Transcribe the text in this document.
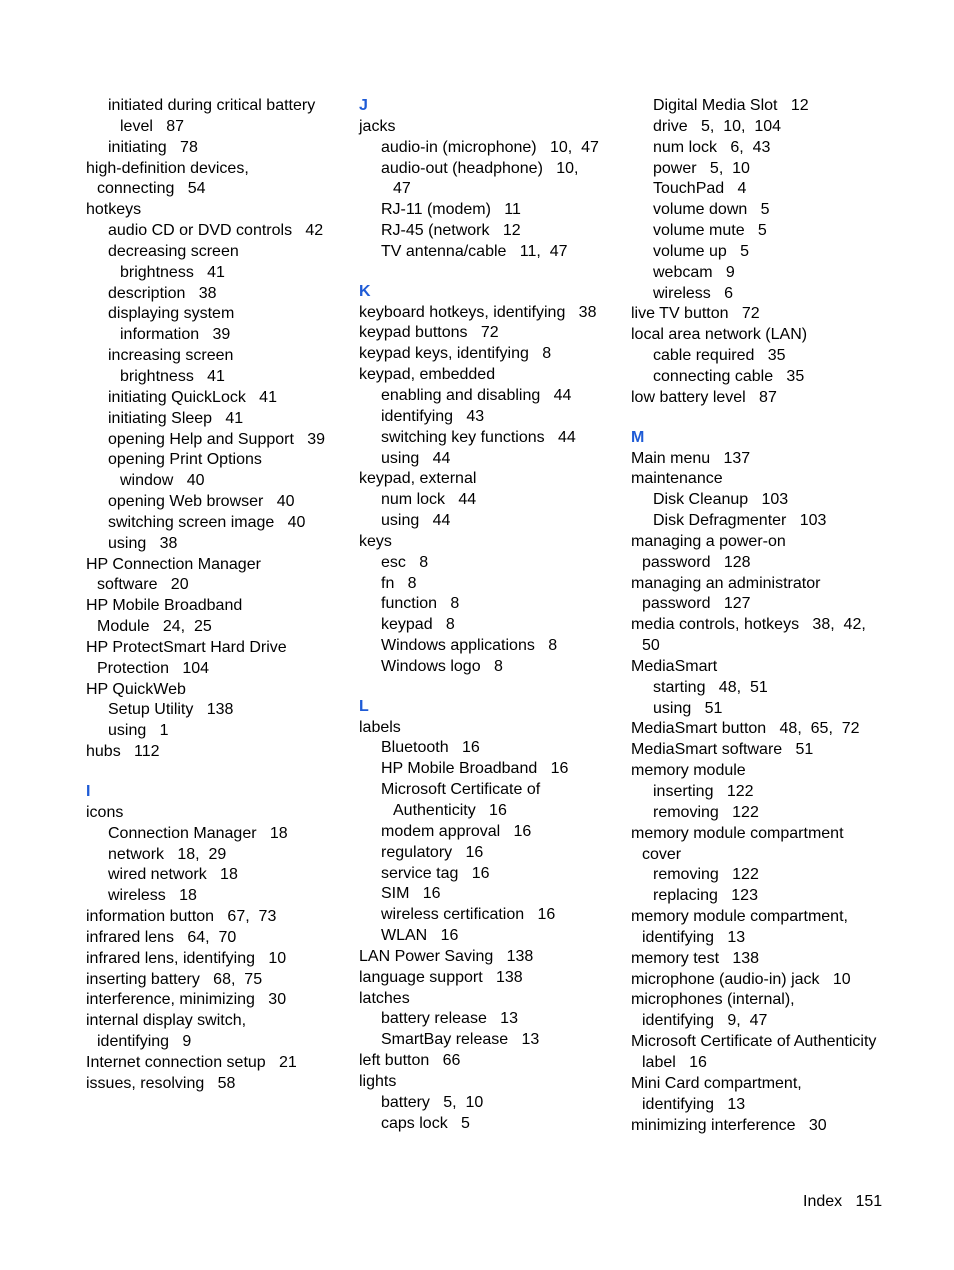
initiated during critical battery
level   87
initiating   78
high-definition devices,
connecting   54
hotkeys
audio CD or DVD controls   42
decreasing screen
brightness   41
description   38
displaying system
information   39
increasing screen
brightness   41
initiating QuickLock   41
initiating Sleep   41
opening Help and Support   39
opening Print Options
window   40
opening Web browser   40
switching screen image   40
using   38
HP Connection Manager
software   20
HP Mobile Broadband
Module   24,  25
HP ProtectSmart Hard Drive
Protection   104
HP QuickWeb
Setup Utility   138
using   1
hubs   112
I
icons
Connection Manager   18
network   18,  29
wired network   18
wireless   18
information button   67,  73
infrared lens   64,  70
infrared lens, identifying   10
inserting battery   68,  75
interference, minimizing   30
internal display switch,
identifying   9
Internet connection setup   21
issues, resolving   58
J
jacks
audio-in (microphone)   10,  47
audio-out (headphone)   10,
47
RJ-11 (modem)   11
RJ-45 (network   12
TV antenna/cable   11,  47
K
keyboard hotkeys, identifying   38
keypad buttons   72
keypad keys, identifying   8
keypad, embedded
enabling and disabling   44
identifying   43
switching key functions   44
using   44
keypad, external
num lock   44
using   44
keys
esc   8
fn   8
function   8
keypad   8
Windows applications   8
Windows logo   8
L
labels
Bluetooth   16
HP Mobile Broadband   16
Microsoft Certificate of
Authenticity   16
modem approval   16
regulatory   16
service tag   16
SIM   16
wireless certification   16
WLAN   16
LAN Power Saving   138
language support   138
latches
battery release   13
SmartBay release   13
left button   66
lights
battery   5,  10
caps lock   5
Digital Media Slot   12
drive   5,  10,  104
num lock   6,  43
power   5,  10
TouchPad   4
volume down   5
volume mute   5
volume up   5
webcam   9
wireless   6
live TV button   72
local area network (LAN)
cable required   35
connecting cable   35
low battery level   87
M
Main menu   137
maintenance
Disk Cleanup   103
Disk Defragmenter   103
managing a power-on
password   128
managing an administrator
password   127
media controls, hotkeys   38,  42,
50
MediaSmart
starting   48,  51
using   51
MediaSmart button   48,  65,  72
MediaSmart software   51
memory module
inserting   122
removing   122
memory module compartment
cover
removing   122
replacing   123
memory module compartment,
identifying   13
memory test   138
microphone (audio-in) jack   10
microphones (internal),
identifying   9,  47
Microsoft Certificate of Authenticity
label   16
Mini Card compartment,
identifying   13
minimizing interference   30
Index   151
